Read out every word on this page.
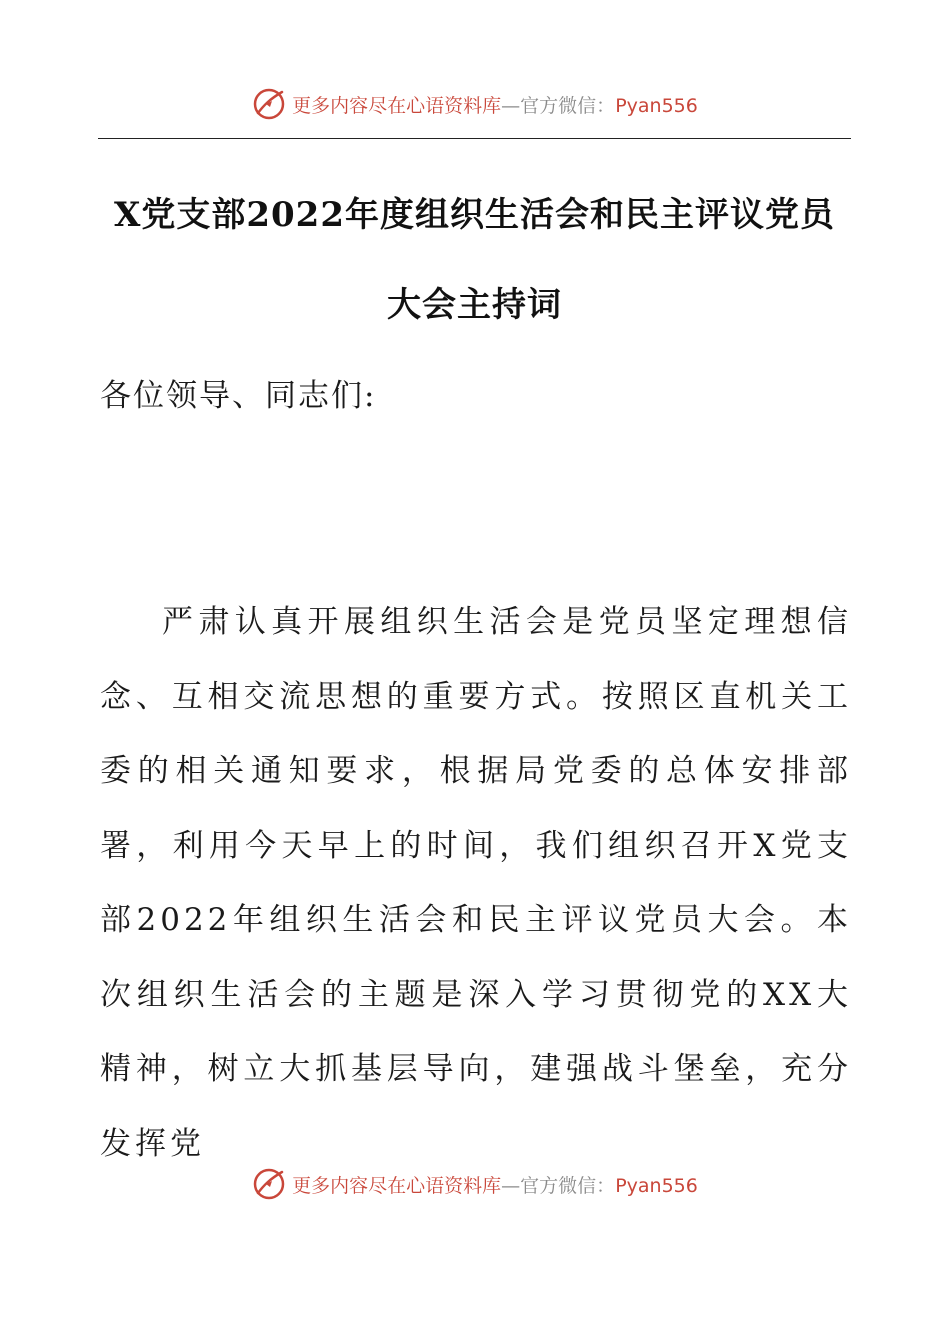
更多内容尽在心语资料库—官方微信：Pyan556
X党支部2022年度组织生活会和民主评议党员大会主持词
各位领导、同志们:
严肃认真开展组织生活会是党员坚定理想信念、互相交流思想的重要方式。按照区直机关工委的相关通知要求，根据局党委的总体安排部署，利用今天早上的时间，我们组织召开X党支部2022年组织生活会和民主评议党员大会。本次组织生活会的主题是深入学习贯彻党的XX大精神，树立大抓基层导向，建强战斗堡垒，充分发挥党
更多内容尽在心语资料库—官方微信：Pyan556
